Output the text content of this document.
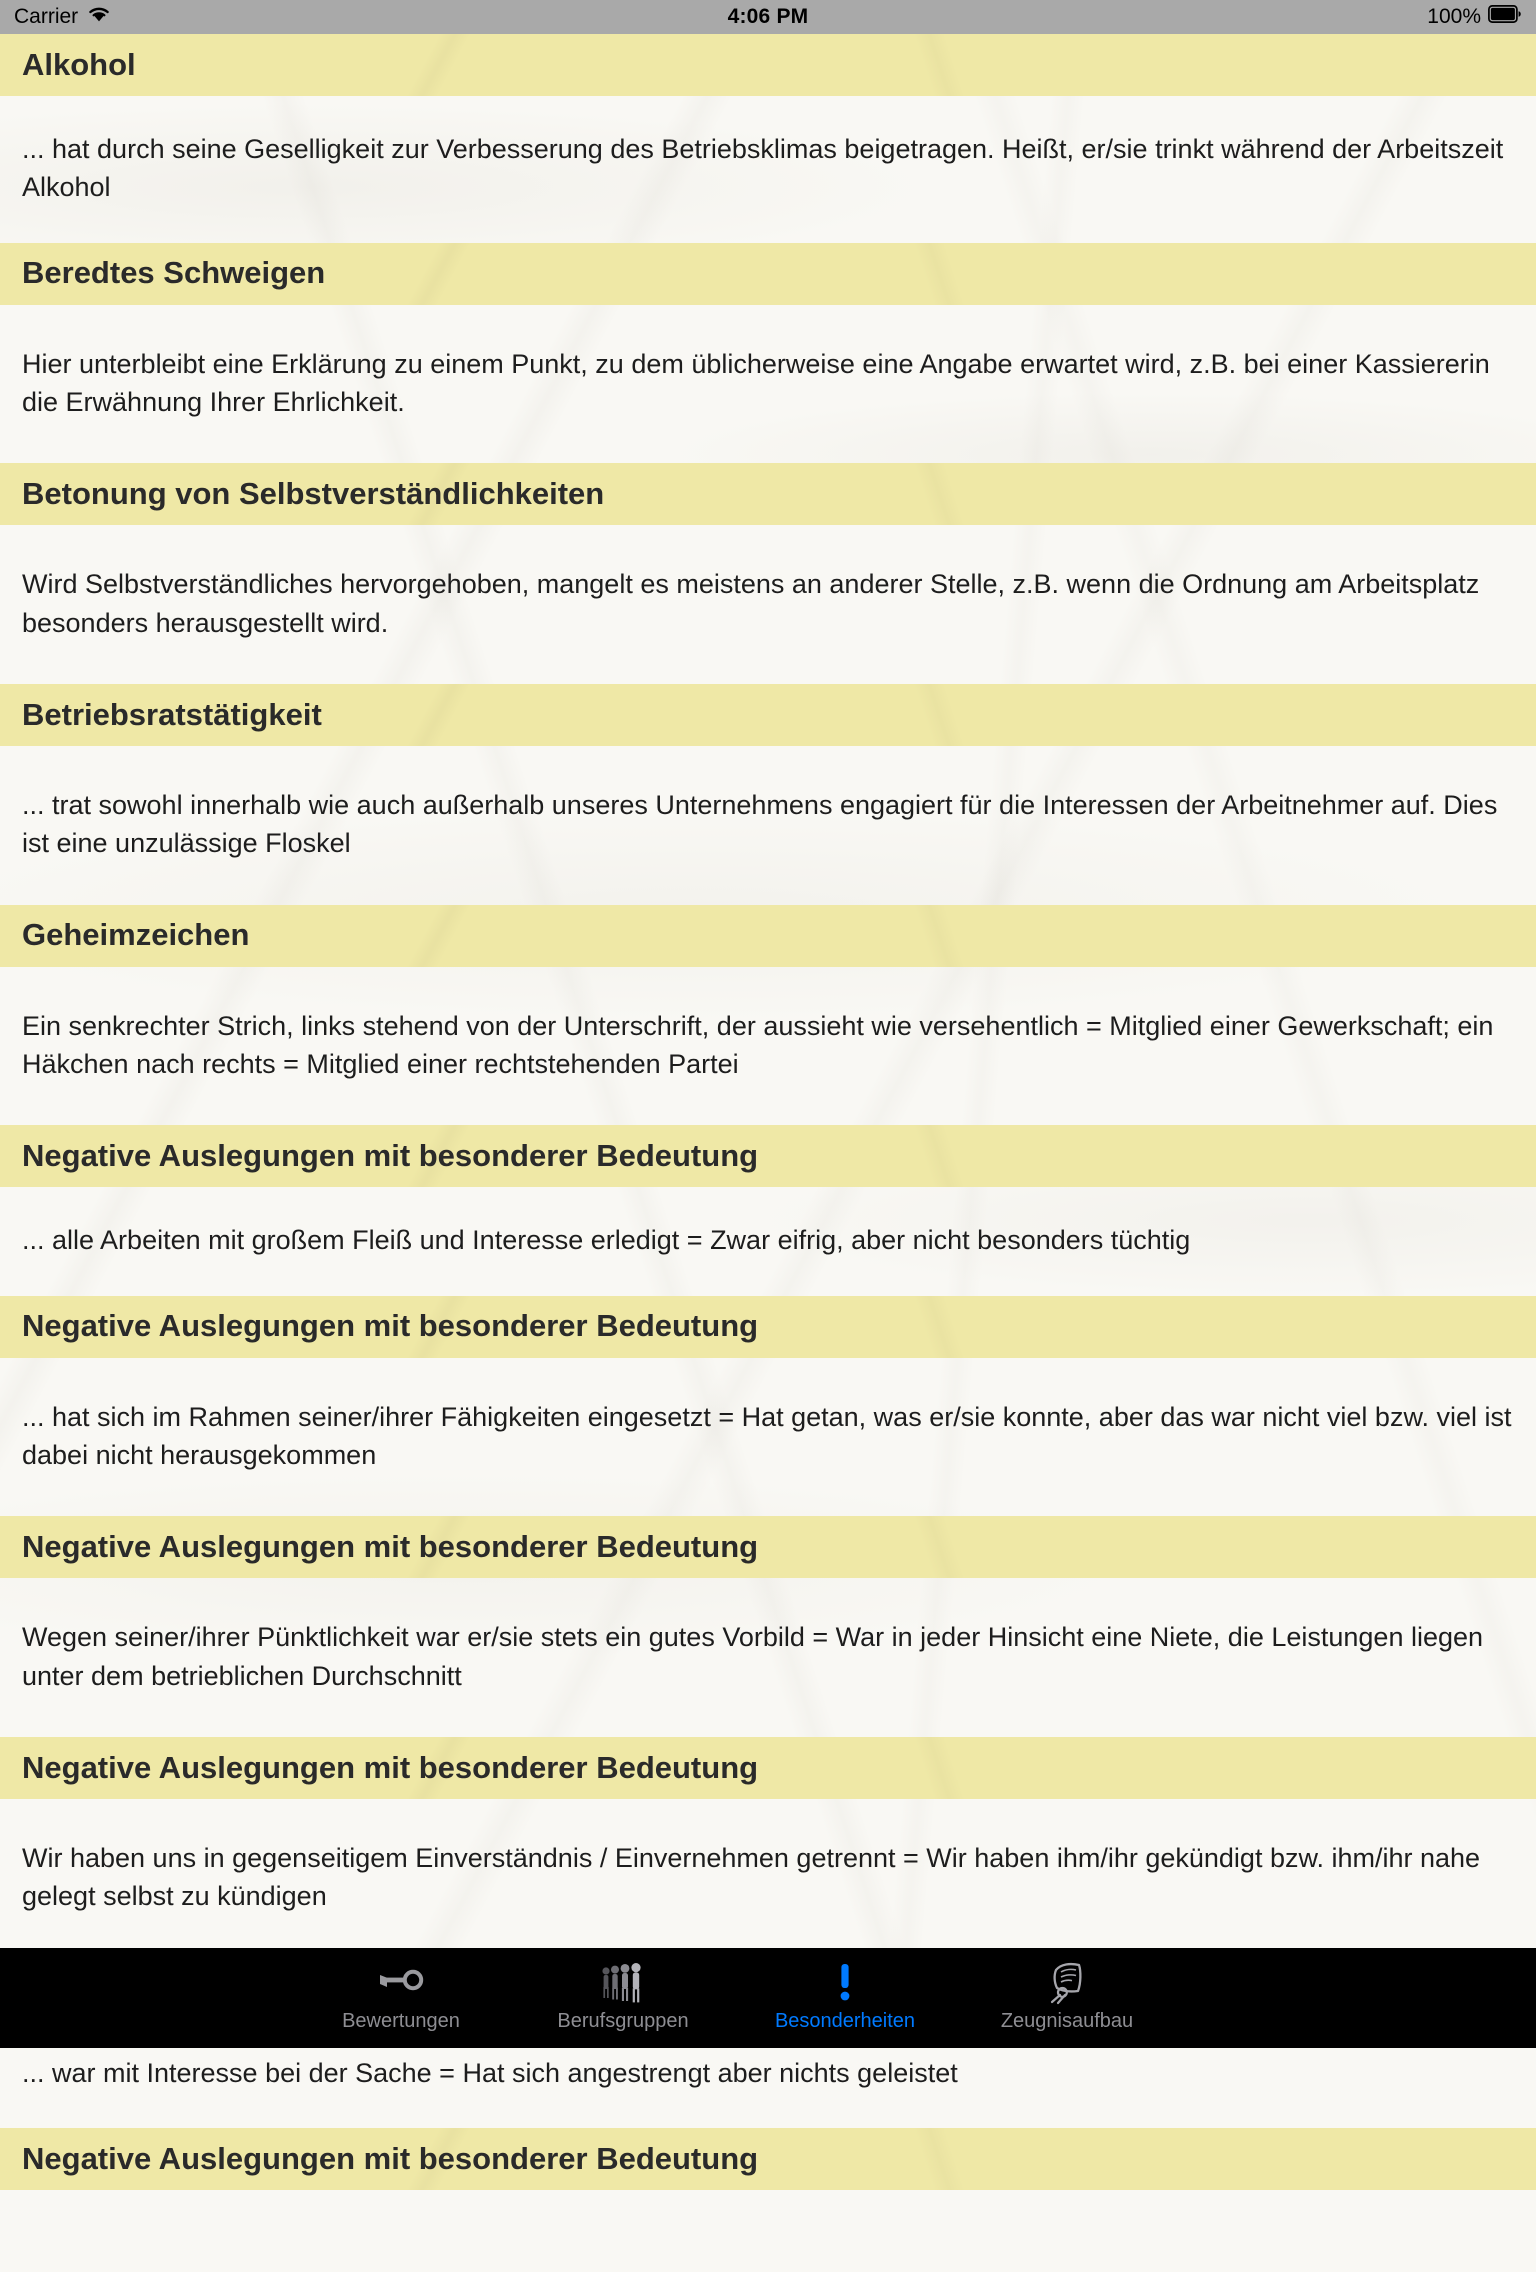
Carrier	4:06 PM	100%
Alkohol
... hat durch seine Geselligkeit zur Verbesserung des Betriebsklimas beigetragen. Heißt, er/sie trinkt während der Arbeitszeit Alkohol
Beredtes Schweigen
Hier unterbleibt eine Erklärung zu einem Punkt, zu dem üblicherweise eine Angabe erwartet wird, z.B. bei einer Kassiererin die Erwähnung Ihrer Ehrlichkeit.
Betonung von Selbstverständlichkeiten
Wird Selbstverständliches hervorgehoben, mangelt es meistens an anderer Stelle, z.B. wenn die Ordnung am Arbeitsplatz besonders herausgestellt wird.
Betriebsratstätigkeit
... trat sowohl innerhalb wie auch außerhalb unseres Unternehmens engagiert für die Interessen der Arbeitnehmer auf. Dies ist eine unzulässige Floskel
Geheimzeichen
Ein senkrechter Strich, links stehend von der Unterschrift, der aussieht wie versehentlich = Mitglied einer Gewerkschaft; ein Häkchen nach rechts = Mitglied einer rechtstehenden Partei
Negative Auslegungen mit besonderer Bedeutung
... alle Arbeiten mit großem Fleiß und Interesse erledigt = Zwar eifrig, aber nicht besonders tüchtig
Negative Auslegungen mit besonderer Bedeutung
... hat sich im Rahmen seiner/ihrer Fähigkeiten eingesetzt = Hat getan, was er/sie konnte, aber das war nicht viel bzw. viel ist dabei nicht herausgekommen
Negative Auslegungen mit besonderer Bedeutung
Wegen seiner/ihrer Pünktlichkeit war er/sie stets ein gutes Vorbild = War in jeder Hinsicht eine Niete, die Leistungen liegen unter dem betrieblichen Durchschnitt
Negative Auslegungen mit besonderer Bedeutung
Wir haben uns in gegenseitigem Einverständnis / Einvernehmen getrennt = Wir haben ihm/ihr gekündigt bzw. ihm/ihr nahe gelegt selbst zu kündigen
... war mit Interesse bei der Sache = Hat sich angestrengt aber nichts geleistet
Negative Auslegungen mit besonderer Bedeutung
Bewertungen	Berufsgruppen	Besonderheiten	Zeugnisaufbau
